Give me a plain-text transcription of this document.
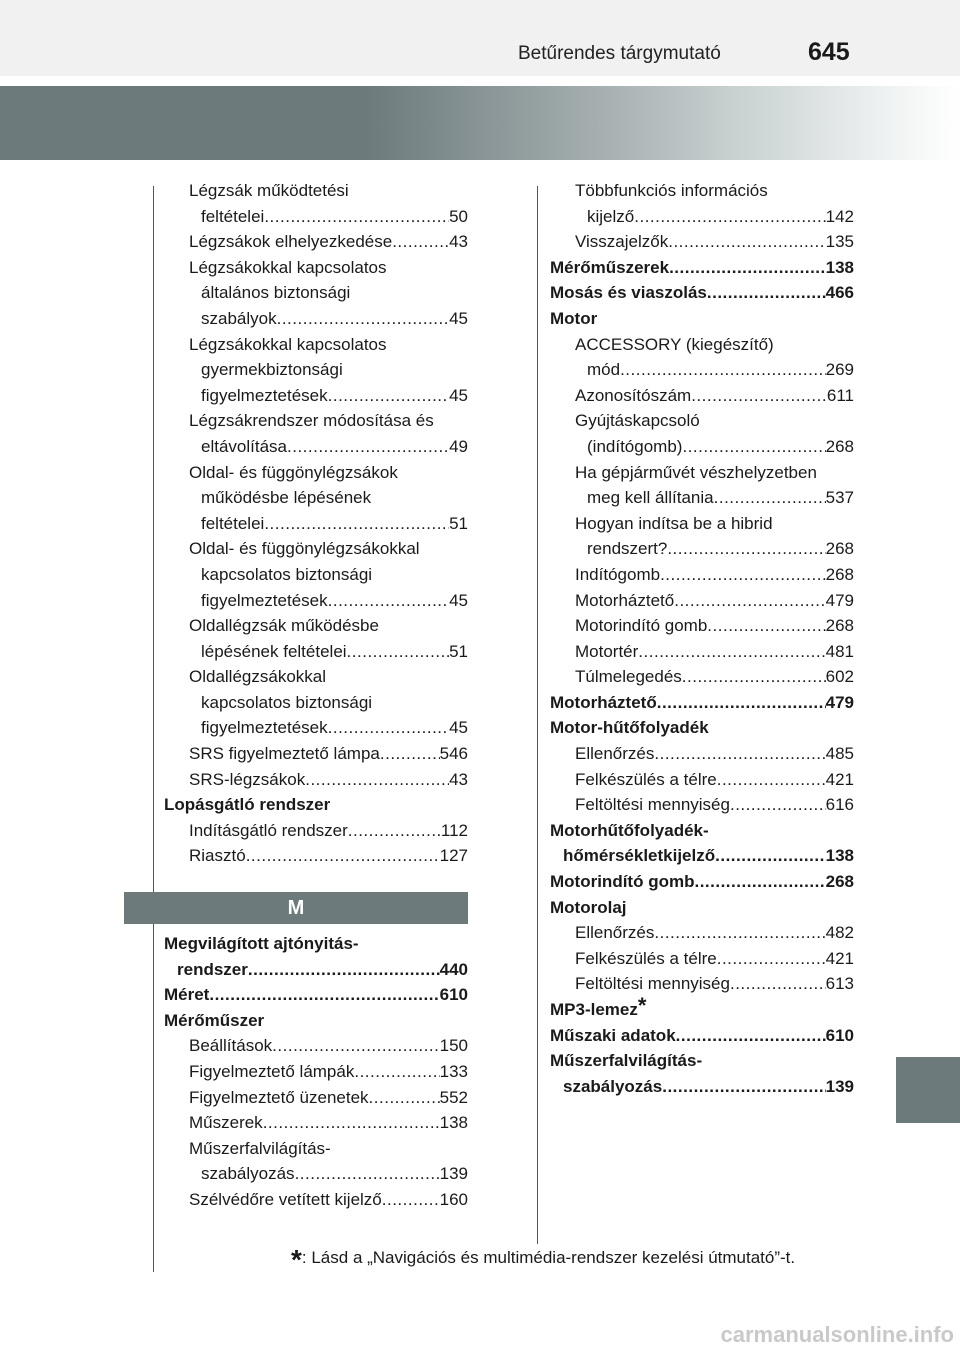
Betűrendes tárgymutató	645
Légzsák működtetési
feltételei .....	50
Légzsákok elhelyezkedése .....	43
Légzsákokkal kapcsolatos
általános biztonsági
szabályok .....	45
Légzsákokkal kapcsolatos
gyermekbiztonsági
figyelmeztetések .....	45
Légzsákrendszer módosítása és
eltávolítása .....	49
Oldal- és függönylégzsákok
működésbe lépésének
feltételei .....	51
Oldal- és függönylégzsákokkal
kapcsolatos biztonsági
figyelmeztetések .....	45
Oldallégzsák működésbe
lépésének feltételei .....	51
Oldallégzsákokkal
kapcsolatos biztonsági
figyelmeztetések .....	45
SRS figyelmeztető lámpa .....	546
SRS-légzsákok .....	43
Lopásgátló rendszer
Indításgátló rendszer .....	112
Riasztó .....	127
M
Megvilágított ajtónyitás-
rendszer .....	440
Méret .....	610
Mérőműszer
Beállítások .....	150
Figyelmeztető lámpák .....	133
Figyelmeztető üzenetek .....	552
Műszerek .....	138
Műszerfalvilágítás-
szabályozás .....	139
Szélvédőre vetített kijelző .....	160
Többfunkciós információs
kijelző .....	142
Visszajelzők .....	135
Mérőműszerek .....	138
Mosás és viaszolás .....	466
Motor
ACCESSORY (kiegészítő)
mód .....	269
Azonosítószám .....	611
Gyújtáskapcsoló
(indítógomb) .....	268
Ha gépjárművét vészhelyzetben
meg kell állítania .....	537
Hogyan indítsa be a hibrid
rendszert? .....	268
Indítógomb .....	268
Motorháztető .....	479
Motorindító gomb .....	268
Motortér .....	481
Túlmelegedés .....	602
Motorháztető .....	479
Motor-hűtőfolyadék
Ellenőrzés .....	485
Felkészülés a télre .....	421
Feltöltési mennyiség .....	616
Motorhűtőfolyadék-
hőmérsékletkijelző .....	138
Motorindító gomb .....	268
Motorolaj
Ellenőrzés .....	482
Felkészülés a télre .....	421
Feltöltési mennyiség .....	613
MP3-lemez*
Műszaki adatok .....	610
Műszerfalvilágítás-
szabályozás .....	139
*: Lásd a „Navigációs és multimédia-rendszer kezelési útmutató”-t.
carmanualsonline.info
